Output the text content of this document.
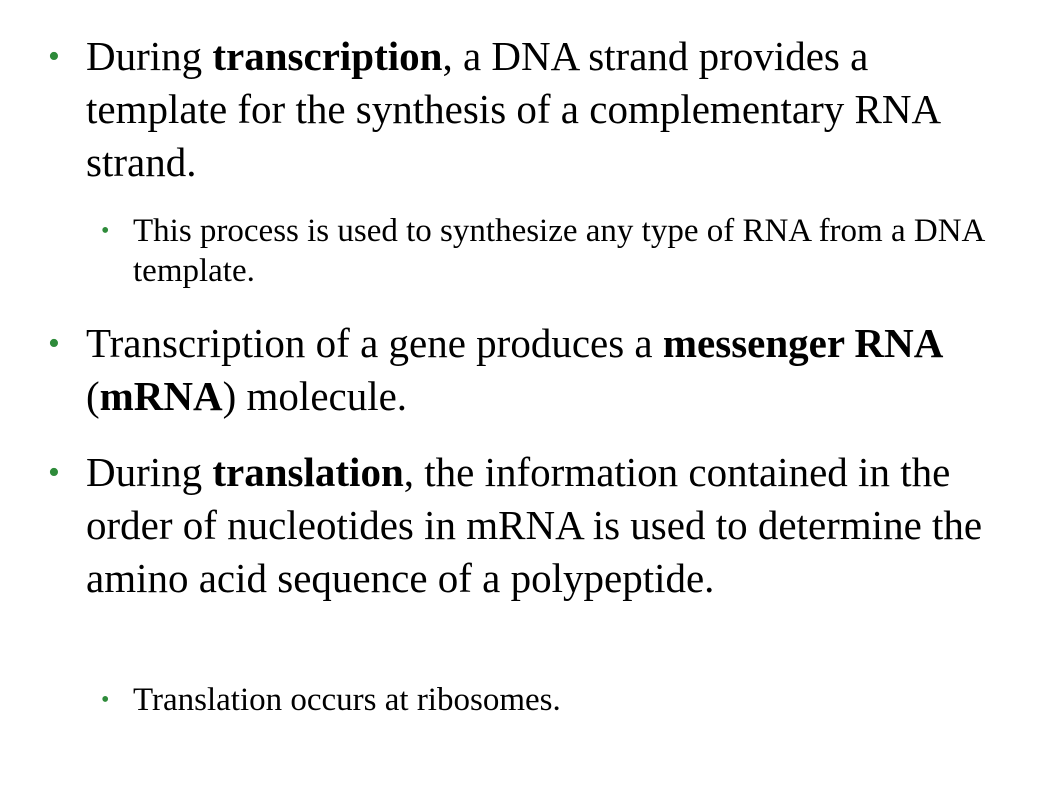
• During transcription, a DNA strand provides a template for the synthesis of a complementary RNA strand.
• This process is used to synthesize any type of RNA from a DNA template.
• Transcription of a gene produces a messenger RNA (mRNA) molecule.
• During translation, the information contained in the order of nucleotides in mRNA is used to determine the amino acid sequence of a polypeptide.
• Translation occurs at ribosomes.
